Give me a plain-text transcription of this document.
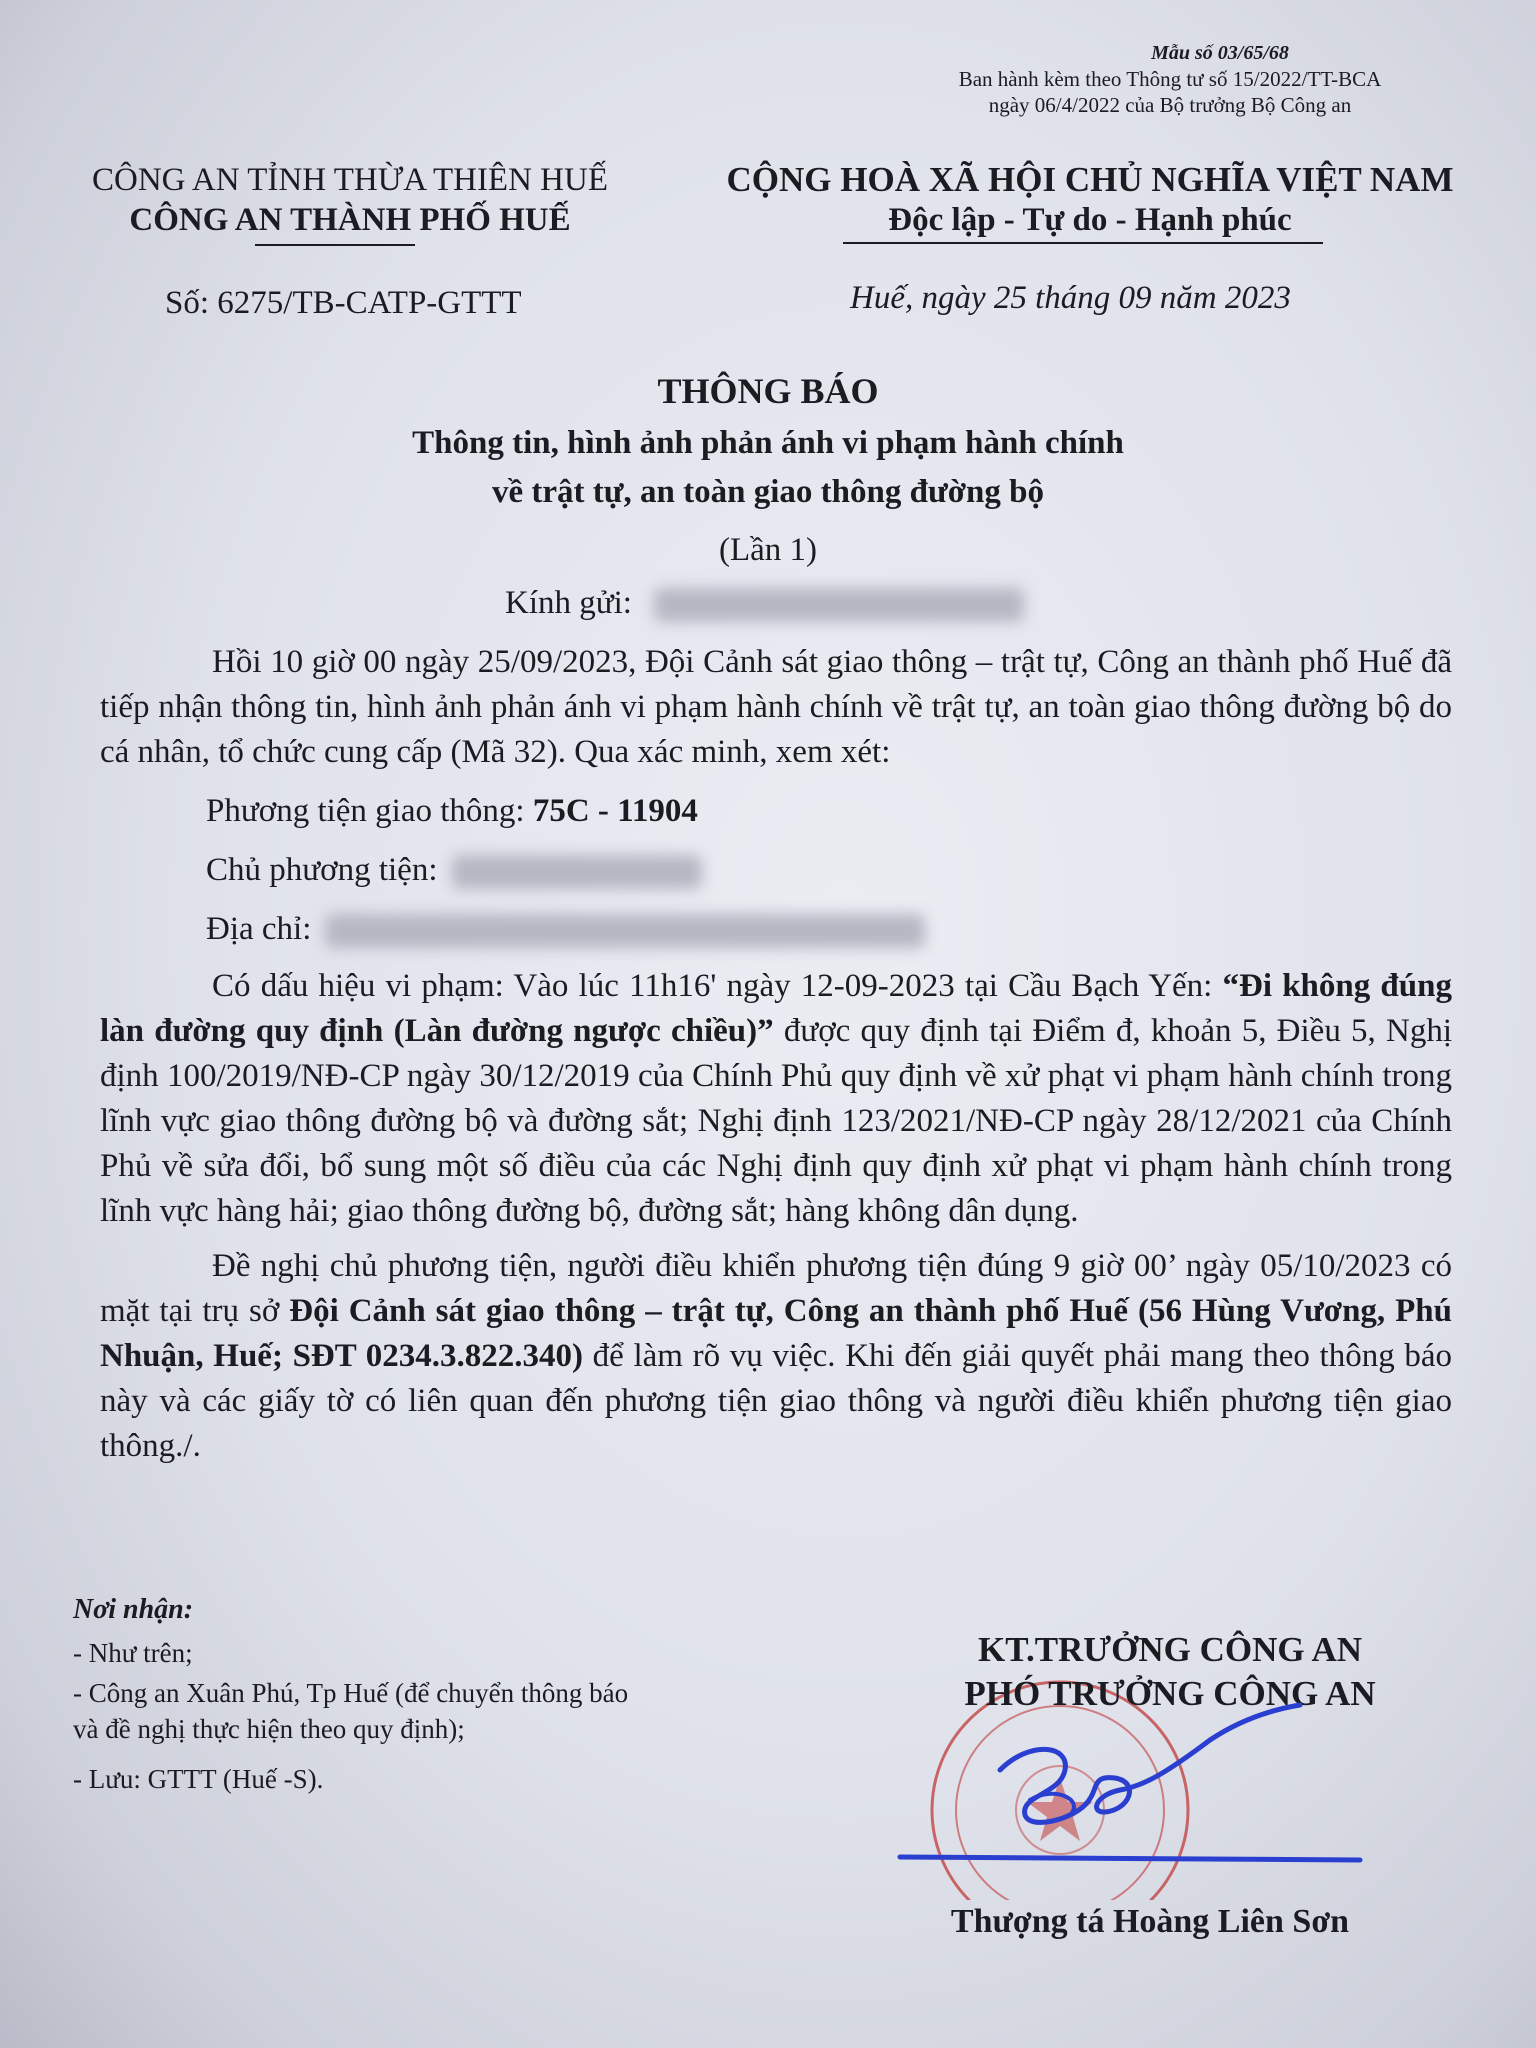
Mẫu số 03/65/68
Ban hành kèm theo Thông tư số 15/2022/TT-BCA
ngày 06/4/2022 của Bộ trưởng Bộ Công an
CÔNG AN TỈNH THỪA THIÊN HUẾ
CÔNG AN THÀNH PHỐ HUẾ
CỘNG HOÀ XÃ HỘI CHỦ NGHĨA VIỆT NAM
Độc lập - Tự do - Hạnh phúc
Số: 6275/TB-CATP-GTTT	Huế, ngày 25 tháng 09 năm 2023
THÔNG BÁO
Thông tin, hình ảnh phản ánh vi phạm hành chính
về trật tự, an toàn giao thông đường bộ
(Lần 1)
Kính gửi:

Hồi 10 giờ 00 ngày 25/09/2023, Đội Cảnh sát giao thông – trật tự, Công an thành phố Huế đã tiếp nhận thông tin, hình ảnh phản ánh vi phạm hành chính về trật tự, an toàn giao thông đường bộ do cá nhân, tổ chức cung cấp (Mã 32). Qua xác minh, xem xét:

Phương tiện giao thông: 75C - 11904

Chủ phương tiện:

Địa chỉ:

Có dấu hiệu vi phạm: Vào lúc 11h16' ngày 12-09-2023 tại Cầu Bạch Yến: “Đi không đúng làn đường quy định (Làn đường ngược chiều)” được quy định tại Điểm đ, khoản 5, Điều 5, Nghị định 100/2019/NĐ-CP ngày 30/12/2019 của Chính Phủ quy định về xử phạt vi phạm hành chính trong lĩnh vực giao thông đường bộ và đường sắt; Nghị định 123/2021/NĐ-CP ngày 28/12/2021 của Chính Phủ về sửa đổi, bổ sung một số điều của các Nghị định quy định xử phạt vi phạm hành chính trong lĩnh vực hàng hải; giao thông đường bộ, đường sắt; hàng không dân dụng.

Đề nghị chủ phương tiện, người điều khiển phương tiện đúng 9 giờ 00’ ngày 05/10/2023 có mặt tại trụ sở Đội Cảnh sát giao thông – trật tự, Công an thành phố Huế (56 Hùng Vương, Phú Nhuận, Huế; SĐT 0234.3.822.340) để làm rõ vụ việc. Khi đến giải quyết phải mang theo thông báo này và các giấy tờ có liên quan đến phương tiện giao thông và người điều khiển phương tiện giao thông./.

Nơi nhận:
- Như trên;
- Công an Xuân Phú, Tp Huế (để chuyển thông báo
và đề nghị thực hiện theo quy định);
- Lưu: GTTT (Huế -S).
KT.TRƯỞNG CÔNG AN
PHÓ TRƯỞNG CÔNG AN
Thượng tá Hoàng Liên Sơn
